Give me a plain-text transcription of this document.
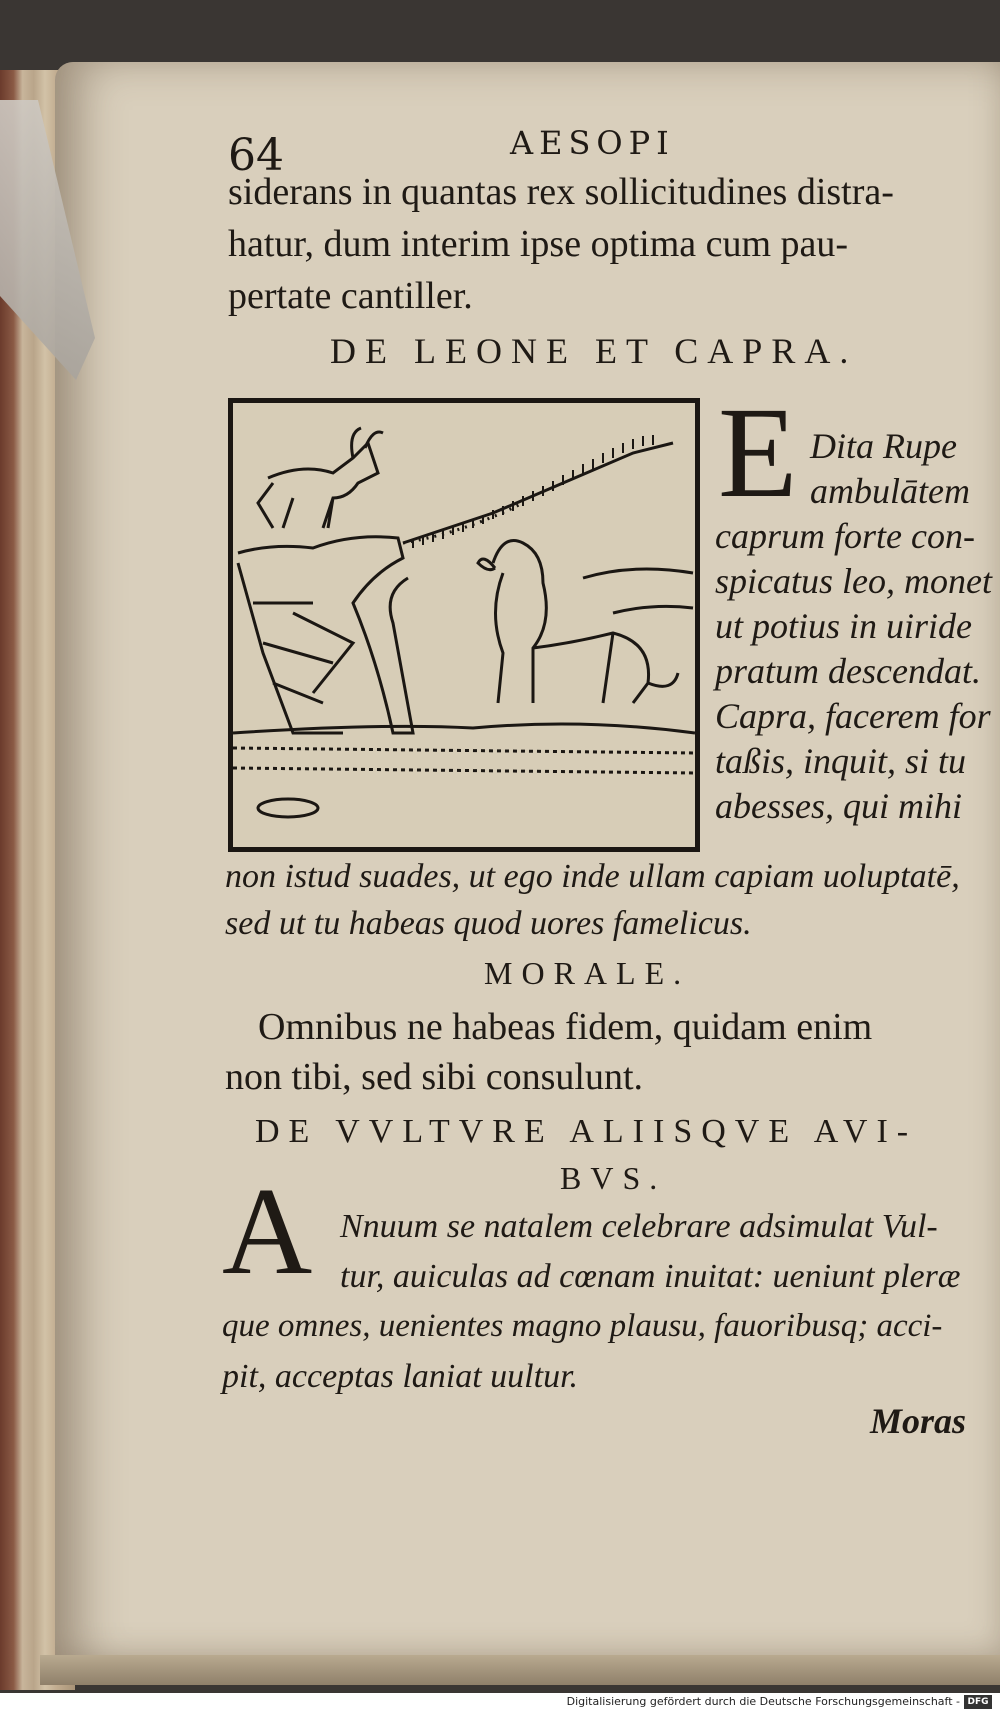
64	AESOPI
siderans in quantas rex sollicitudines distra-
hatur, dum interim ipse optima cum pau-
pertate cantiller.
DE LEONE ET CAPRA.
E Dita Rupe
ambulātem
caprum forte con-
spicatus leo, monet
ut potius in uiride
pratum descendat.
Capra, facerem for
taßis, inquit, si tu
abesses, qui mihi
non istud suades, ut ego inde ullam capiam uoluptatē,
sed ut tu habeas quod uores famelicus.
MORALE.
Omnibus ne habeas fidem, quidam enim
non tibi, sed sibi consulunt.
DE VVLTVRE ALIISQVE AVI-
BVS.
A Nnuum se natalem celebrare adsimulat Vul-
tur, auiculas ad cœnam inuitat: ueniunt pleræ
que omnes, uenientes magno plausu, fauoribusq; acci-
pit, acceptas laniat uultur.
Moras
Digitalisierung gefördert durch die Deutsche Forschungsgemeinschaft - DFG
